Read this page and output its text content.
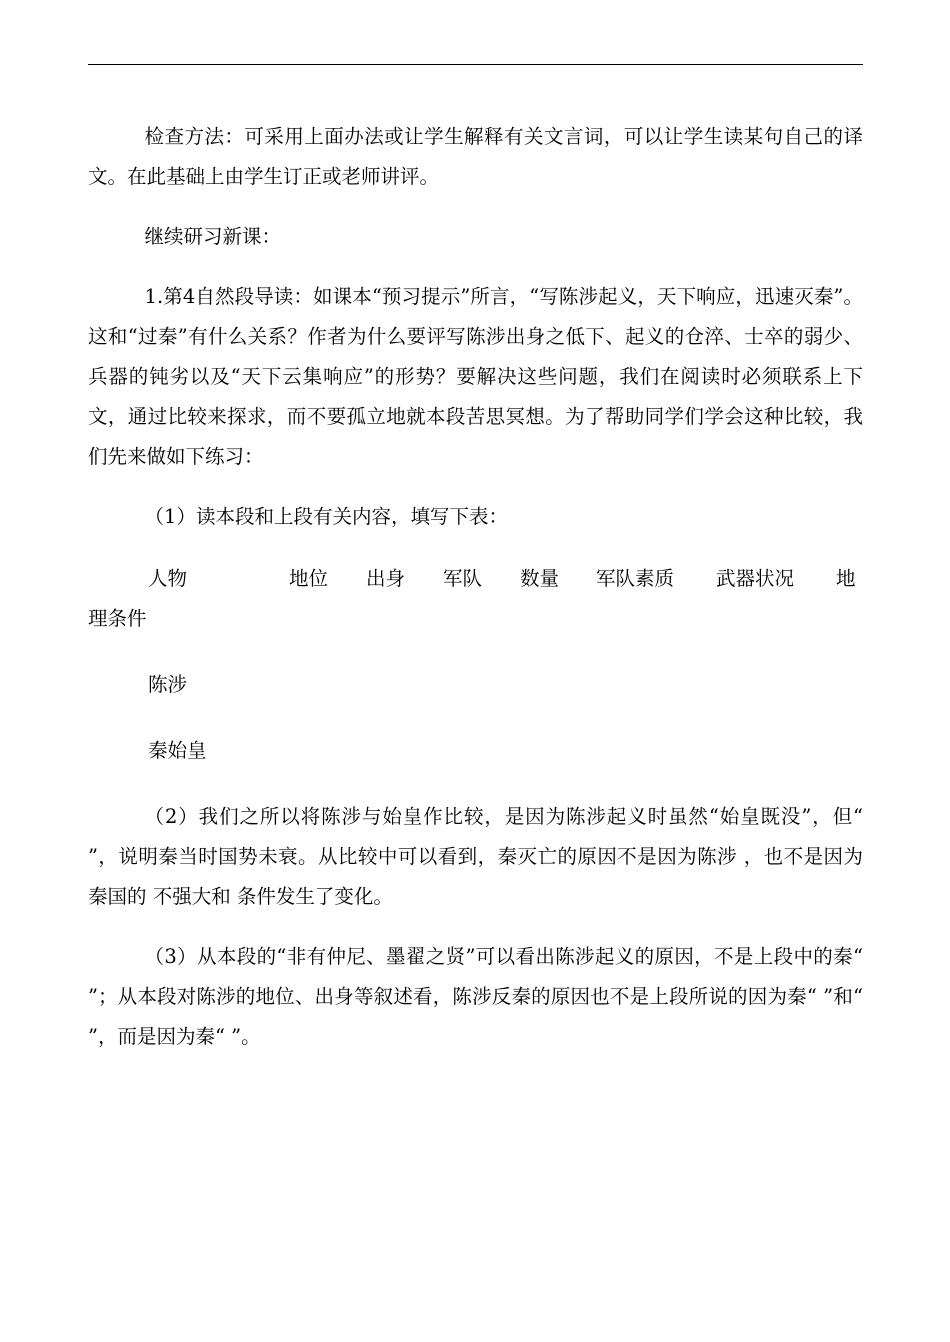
检查方法：可采用上面办法或让学生解释有关文言词，可以让学生读某句自己的译文。在此基础上由学生订正或老师讲评。

继续研习新课：

1.第4自然段导读：如课本“预习提示”所言，“写陈涉起义，天下响应，迅速灭秦”。这和“过秦”有什么关系？作者为什么要评写陈涉出身之低下、起义的仓淬、士卒的弱少、兵器的钝劣以及“天下云集响应”的形势？要解决这些问题，我们在阅读时必须联系上下文，通过比较来探求，而不要孤立地就本段苦思冥想。为了帮助同学们学会这种比较，我们先来做如下练习：

（1）读本段和上段有关内容，填写下表：

人物	地位 出身 军队 数量 军队素质 武器状况 地

理条件

陈涉

秦始皇

（2）我们之所以将陈涉与始皇作比较，是因为陈涉起义时虽然“始皇既没”，但“ ”，说明秦当时国势未衰。从比较中可以看到，秦灭亡的原因不是因为陈涉 ，也不是因为秦国的 不强大和 条件发生了变化。

（3）从本段的“非有仲尼、墨翟之贤”可以看出陈涉起义的原因，不是上段中的秦“ ”；从本段对陈涉的地位、出身等叙述看，陈涉反秦的原因也不是上段所说的因为秦“ ”和“ ”，而是因为秦“ ”。
